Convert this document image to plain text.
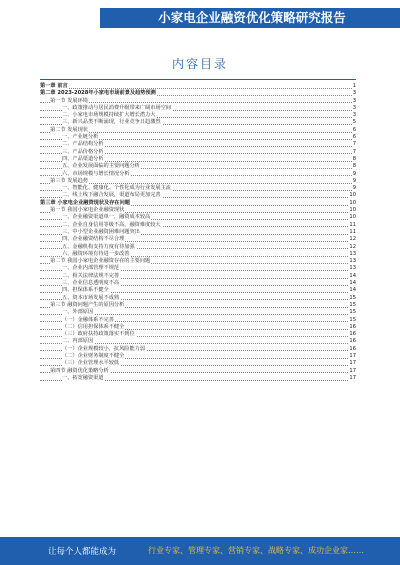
小家电企业融资优化策略研究报告
内容目录
第一章 前言	1
第二章 2023-2028年小家电市场前景及趋势预测	3
第一节 发展环境	3
一、政策推动与居民消费升级带来广阔市场空间	3
二、小家电市场规模持续扩大增长潜力大	3
三、新兴品类不断涌现，行业竞争日趋激烈	5
第二节 发展现状	6
一、产业链分析	6
二、产品结构分析	7
三、产品价格分析	7
四、产品渠道分析	8
五、企业发展面临的主要问题分析	8
六、市场规模与增长情况分析	9
第三节 发展趋势	9
一、智能化、健康化、个性化成为行业发展主流	9
二、线上线下融合发展，渠道布局更加完善	10
第三章 小家电企业融资现状及存在问题	10
第一节 我国小家电企业融资现状	10
一、企业融资渠道单一，融资成本较高	10
二、企业自身信用等级不高，融资难度较大	11
三、中小型企业融资困难问题突出	11
四、企业融资结构不尽合理	12
五、金融机构支持力度有待加强	12
六、融资环境有待进一步改善	13
第二节 我国小家电企业融资存在的主要问题	13
一、企业内部管理不规范	13
二、相关法律法规不完善	14
三、企业信息透明度不高	14
四、担保体系不健全	14
五、资本市场发展不成熟	15
第三节 融资问题产生的原因分析	15
一、外部原因	15
（一）金融体系不完善	15
（二）信用担保体系不健全	16
（三）政府扶持政策落实不到位	16
二、内部原因	16
（一）企业规模较小，抗风险能力弱	16
（二）企业财务制度不健全	17
（三）企业管理水平较低	17
第四节 融资优化策略分析	17
一、拓宽融资渠道	17
让每个人都能成为	行业专家、管理专家、营销专家、战略专家、成功企业家……
